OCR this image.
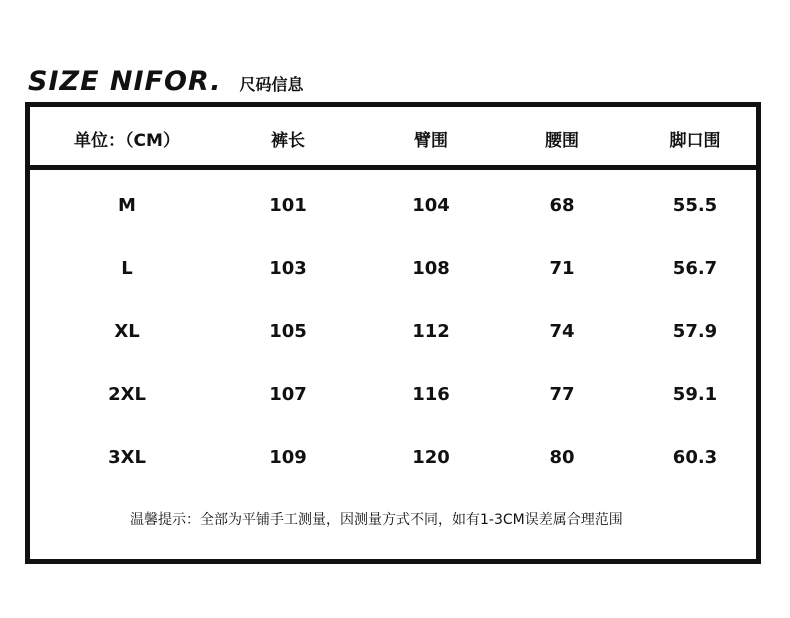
SIZE NIFOR. 尺码信息
单位：（CM）	裤长	臂围	腰围	脚口围
M	101	104	68	55.5
L	103	108	71	56.7
XL	105	112	74	57.9
2XL	107	116	77	59.1
3XL	109	120	80	60.3
温馨提示：全部为平铺手工测量，因测量方式不同，如有1-3CM误差属合理范围
